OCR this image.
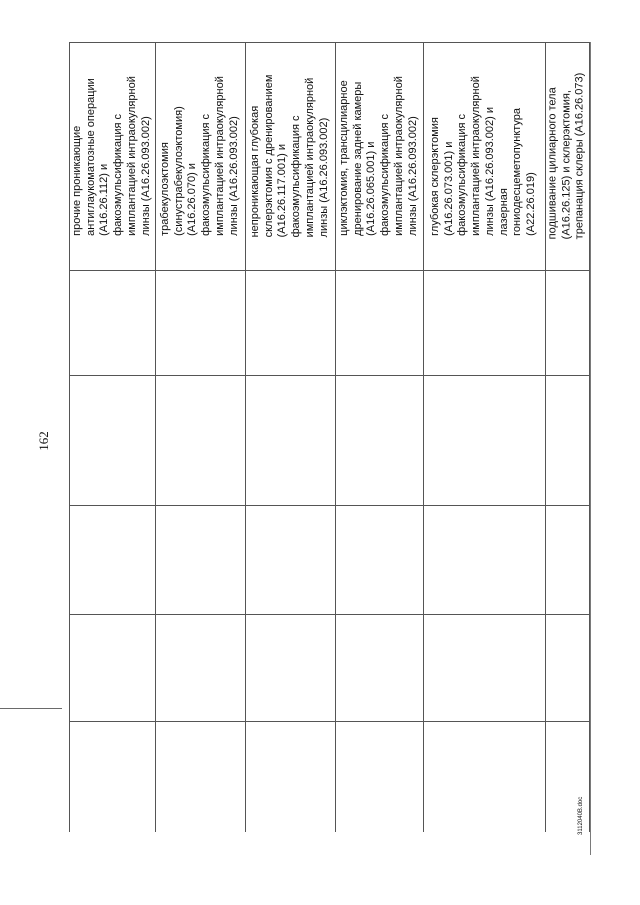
162
3112040B.doc
прочие проникающие
антиглаукоматозные операции
(A16.26.112) и
факоэмульсификация с
имплантацией интраокулярной
линзы (A16.26.093.002) трабекулоэктомия
(синустрабекулоэктомия)
(A16.26.070) и
факоэмульсификация с
имплантацией интраокулярной
линзы (A16.26.093.002) непроникающая глубокая
склерэктомия с дренированием
(A16.26.117.001) и
факоэмульсификация с
имплантацией интраокулярной
линзы (A16.26.093.002) циклэктомия, трансцилиарное
дренирование задней камеры
(A16.26.065.001) и
факоэмульсификация с
имплантацией интраокулярной
линзы (A16.26.093.002)
глубокая склерэктомия
(A16.26.073.001) и
факоэмульсификация с
имплантацией интраокулярной
линзы (A16.26.093.002) и
лазерная
гониодесцеметопунктура
(A22.26.019) подшивание цилиарного тела
(A16.26.125) и склерэктомия,
трепанация склеры (A16.26.073)
